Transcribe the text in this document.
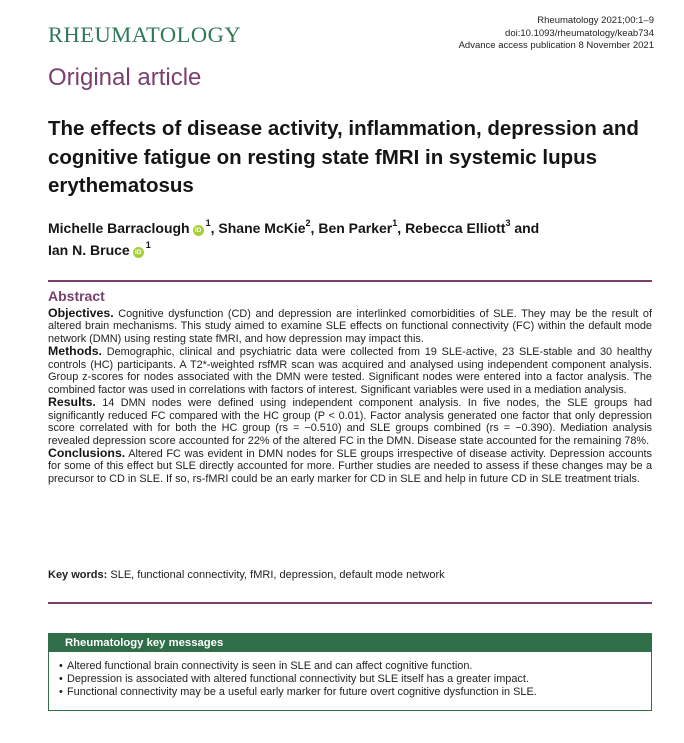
RHEUMATOLOGY
Rheumatology 2021;00:1–9
doi:10.1093/rheumatology/keab734
Advance access publication 8 November 2021
Original article
The effects of disease activity, inflammation, depression and cognitive fatigue on resting state fMRI in systemic lupus erythematosus
Michelle Barraclough $iD^1$, Shane McKie$^2$, Ben Parker$^1$, Rebecca Elliott$^3$ and
Ian N. Bruce $iD^1$
Abstract

Objectives. Cognitive dysfunction (CD) and depression are interlinked comorbidities of SLE. They may be the result of altered brain mechanisms. This study aimed to examine SLE effects on functional connectivity (FC) within the default mode network (DMN) using resting state fMRI, and how depression may impact this.

Methods. Demographic, clinical and psychiatric data were collected from 19 SLE-active, 23 SLE-stable and 30 healthy controls (HC) participants. A T2*-weighted rsfMR scan was acquired and analysed using independent component analysis. Group z-scores for nodes associated with the DMN were tested. Significant nodes were entered into a factor analysis. The combined factor was used in correlations with factors of interest. Significant variables were used in a mediation analysis.

Results. 14 DMN nodes were defined using independent component analysis. In five nodes, the SLE groups had significantly reduced FC compared with the HC group (P < 0.01). Factor analysis generated one factor that only depression score correlated with for both the HC group (rs = −0.510) and SLE groups combined (rs = −0.390). Mediation analysis revealed depression score accounted for 22% of the altered FC in the DMN. Disease state accounted for the remaining 78%.

Conclusions. Altered FC was evident in DMN nodes for SLE groups irrespective of disease activity. Depression accounts for some of this effect but SLE directly accounted for more. Further studies are needed to assess if these changes may be a precursor to CD in SLE. If so, rs-fMRI could be an early marker for CD in SLE and help in future CD in SLE treatment trials.

Key words: SLE, functional connectivity, fMRI, depression, default mode network
Rheumatology key messages
• Altered functional brain connectivity is seen in SLE and can affect cognitive function.
• Depression is associated with altered functional connectivity but SLE itself has a greater impact.
• Functional connectivity may be a useful early marker for future overt cognitive dysfunction in SLE.
